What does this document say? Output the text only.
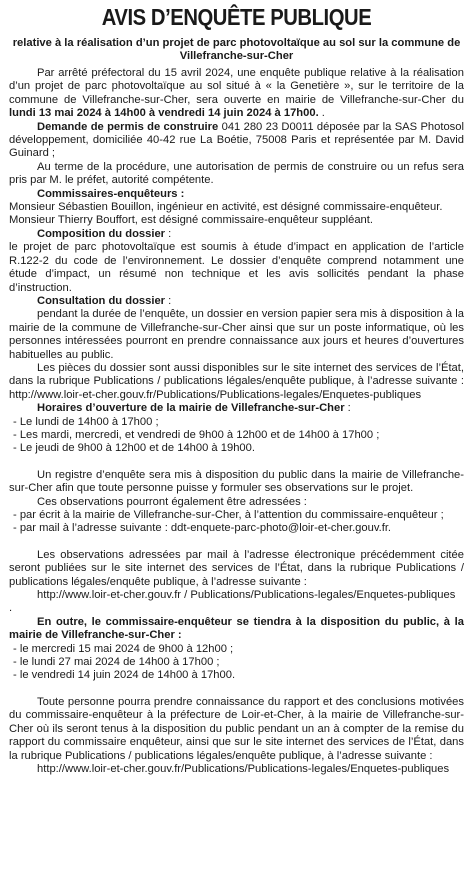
AVIS D’ENQUÊTE PUBLIQUE

relative à la réalisation d’un projet de parc photovoltaïque au sol sur la commune de Villefranche-sur-Cher

Par arrêté préfectoral du 15 avril 2024, une enquête publique relative à la réalisation d’un projet de parc photovoltaïque au sol situé à « la Genetière », sur le territoire de la commune de Villefranche-sur-Cher, sera ouverte en mairie de Villefranche-sur-Cher du lundi 13 mai 2024 à 14h00 à vendredi 14 juin 2024 à 17h00. .

Demande de permis de construire 041 280 23 D0011 déposée par la SAS Photosol développement, domiciliée 40-42 rue La Boétie, 75008 Paris et représentée par M. David Guinard ;

Au terme de la procédure, une autorisation de permis de construire ou un refus sera pris par M. le préfet, autorité compétente.

Commissaires-enquêteurs :

Monsieur Sébastien Bouillon, ingénieur en activité, est désigné commissaire-enquêteur.

Monsieur Thierry Bouffort, est désigné commissaire-enquêteur suppléant.

Composition du dossier :

le projet de parc photovoltaïque est soumis à étude d’impact en application de l’article R.122-2 du code de l’environnement. Le dossier d’enquête comprend notamment une étude d’impact, un résumé non technique et les avis sollicités pendant la phase d’instruction.

Consultation du dossier :

pendant la durée de l’enquête, un dossier en version papier sera mis à disposition à la mairie de la commune de Villefranche-sur-Cher ainsi que sur un poste informatique, où les personnes intéressées pourront en prendre connaissance aux jours et heures d’ouvertures habituelles au public.

Les pièces du dossier sont aussi disponibles sur le site internet des services de l’État, dans la rubrique Publications / publications légales/enquête publique, à l’adresse suivante : http://www.loir-et-cher.gouv.fr/Publications/Publications-legales/Enquetes-publiques

Horaires d’ouverture de la mairie de Villefranche-sur-Cher :

- Le lundi de 14h00 à 17h00 ;
- Les mardi, mercredi, et vendredi de 9h00 à 12h00 et de 14h00 à 17h00 ;
- Le jeudi de 9h00 à 12h00 et de 14h00 à 19h00.

Un registre d’enquête sera mis à disposition du public dans la mairie de Villefranche-sur-Cher afin que toute personne puisse y formuler ses observations sur le projet.

Ces observations pourront également être adressées :

- par écrit à la mairie de Villefranche-sur-Cher, à l’attention du commissaire-enquêteur ;
- par mail à l’adresse suivante : ddt-enquete-parc-photo@loir-et-cher.gouv.fr.

Les observations adressées par mail à l’adresse électronique précédemment citée seront publiées sur le site internet des services de l’État, dans la rubrique Publications / publications légales/enquête publique, à l’adresse suivante :

http://www.loir-et-cher.gouv.fr / Publications/Publications-legales/Enquetes-publiques

.

En outre, le commissaire-enquêteur se tiendra à la disposition du public, à la mairie de Villefranche-sur-Cher :

- le mercredi 15 mai 2024 de 9h00 à 12h00 ;
- le lundi 27 mai 2024 de 14h00 à 17h00 ;
- le vendredi 14 juin 2024 de 14h00 à 17h00.

Toute personne pourra prendre connaissance du rapport et des conclusions motivées du commissaire-enquêteur à la préfecture de Loir-et-Cher, à la mairie de Villefranche-sur-Cher où ils seront tenus à la disposition du public pendant un an à compter de la remise du rapport du commissaire enquêteur, ainsi que sur le site internet des services de l’État, dans la rubrique Publications / publications légales/enquête publique, à l’adresse suivante :

http://www.loir-et-cher.gouv.fr/Publications/Publications-legales/Enquetes-publiques
